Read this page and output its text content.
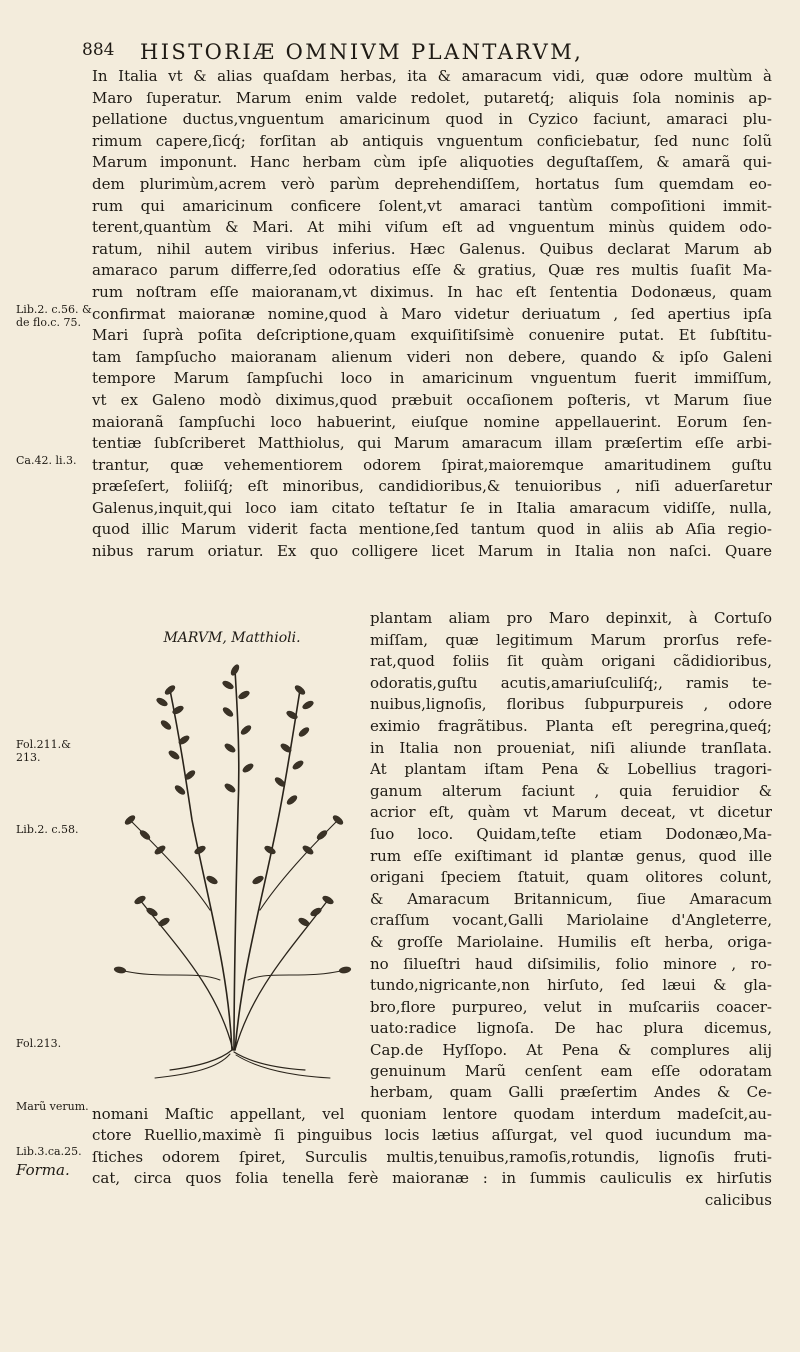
884 HISTORIÆ OMNIVM PLANTARVM,
In Italia vt & alias quaſdam herbas, ita & amaracum vidi, quæ odore multùm à
Maro ſuperatur. Marum enim valde redolet, putaretq́; aliquis ſola nominis ap-
pellatione ductus,vnguentum amaricinum quod in Cyzico faciunt, amaraci plu-
rimum capere,ſicq́; forſitan ab antiquis vnguentum conficiebatur, ſed nunc ſolũ
Marum imponunt. Hanc herbam cùm ipſe aliquoties deguſtaſſem, & amarã qui-
dem plurimùm,acrem verò parùm deprehendiſſem, hortatus ſum quemdam eo-
rum qui amaricinum conficere ſolent,vt amaraci tantùm compoſitioni immit-
terent,quantùm & Mari. At mihi viſum eſt ad vnguentum minùs quidem odo-
ratum, nihil autem viribus inferius. Hæc Galenus. Quibus declarat Marum ab
amaraco parum differre,ſed odoratius eſſe & gratius, Quæ res multis ſuaſit Ma-
rum noſtram eſſe maioranam,vt diximus. In hac eſt ſententia Dodonæus, quam
confirmat maioranæ nomine,quod à Maro videtur deriuatum , ſed apertius ipſa
Mari ſuprà poſita deſcriptione,quam exquiſitiſsimè conuenire putat. Et ſubſtitu-
tam ſampſucho maioranam alienum videri non debere, quando & ipſo Galeni
tempore Marum ſampſuchi loco in amaricinum vnguentum fuerit immiſſum,
vt ex Galeno modò diximus,quod præbuit occaſionem poſteris, vt Marum ſiue
maioranã ſampſuchi loco habuerint, eiuſque nomine appellauerint. Eorum ſen-
tentiæ ſubſcriberet Matthiolus, qui Marum amaracum illam præſertim eſſe arbi-
trantur, quæ vehementiorem odorem ſpirat,maioremque amaritudinem guſtu
præſeſert, foliiſq́; eſt minoribus, candidioribus,& tenuioribus , niſi aduerſaretur
Galenus,inquit,qui loco iam citato teſtatur ſe in Italia amaracum vidiſſe, nulla,
quod illic Marum viderit facta mentione,ſed tantum quod in aliis ab Aſia regio-
nibus rarum oriatur. Ex quo colligere licet Marum in Italia non naſci. Quare
MARVM, Matthioli.
plantam aliam pro Maro depinxit, à Cortuſo
miſſam, quæ legitimum Marum prorſus refe-
rat,quod foliis ſit quàm origani cãdidioribus,
odoratis,guſtu acutis,amariuſculiſq́;, ramis te-
nuibus,lignoſis, floribus ſubpurpureis , odore
eximio fragrãtibus. Planta eſt peregrina,queq́;
in Italia non proueniat, niſi aliunde tranſlata.
At plantam iſtam Pena & Lobellius tragori-
ganum alterum faciunt , quia feruidior &
acrior eſt, quàm vt Marum deceat, vt dicetur
ſuo loco. Quidam,teſte etiam Dodonæo,Ma-
rum eſſe exiſtimant id plantæ genus, quod ille
origani ſpeciem ſtatuit, quam olitores colunt,
& Amaracum Britannicum, ſiue Amaracum
craſſum vocant,Galli Mariolaine d'Angleterre,
& groſſe Mariolaine. Humilis eſt herba, origa-
no ſilueſtri haud diſsimilis, folio minore , ro-
tundo,nigricante,non hirſuto, ſed læui & gla-
bro,flore purpureo, velut in muſcariis coacer-
uato:radice lignoſa. De hac plura dicemus,
Cap.de Hyſſopo. At Pena & complures alij
genuinum Marũ cenſent eam eſſe odoratam
herbam, quam Galli præſertim Andes & Ce-
nomani Maſtic appellant, vel quoniam lentore quodam interdum madeſcit,au-
ctore Ruellio,maximè ſi pinguibus locis lætius aſſurgat, vel quod iucundum ma-
ſtiches odorem ſpiret, Surculis multis,tenuibus,ramoſis,rotundis, lignoſis fruti-
cat, circa quos folia tenella ferè maioranæ : in ſummis cauliculis ex hirſutis
calicibus
Lib.2. c.56. & de flo.c. 75.
Ca.42. li.3.
Fol.211.& 213.
Lib.2. c.58.
Fol.213.
Marũ verum.
Lib.3.ca.25.
Forma.
